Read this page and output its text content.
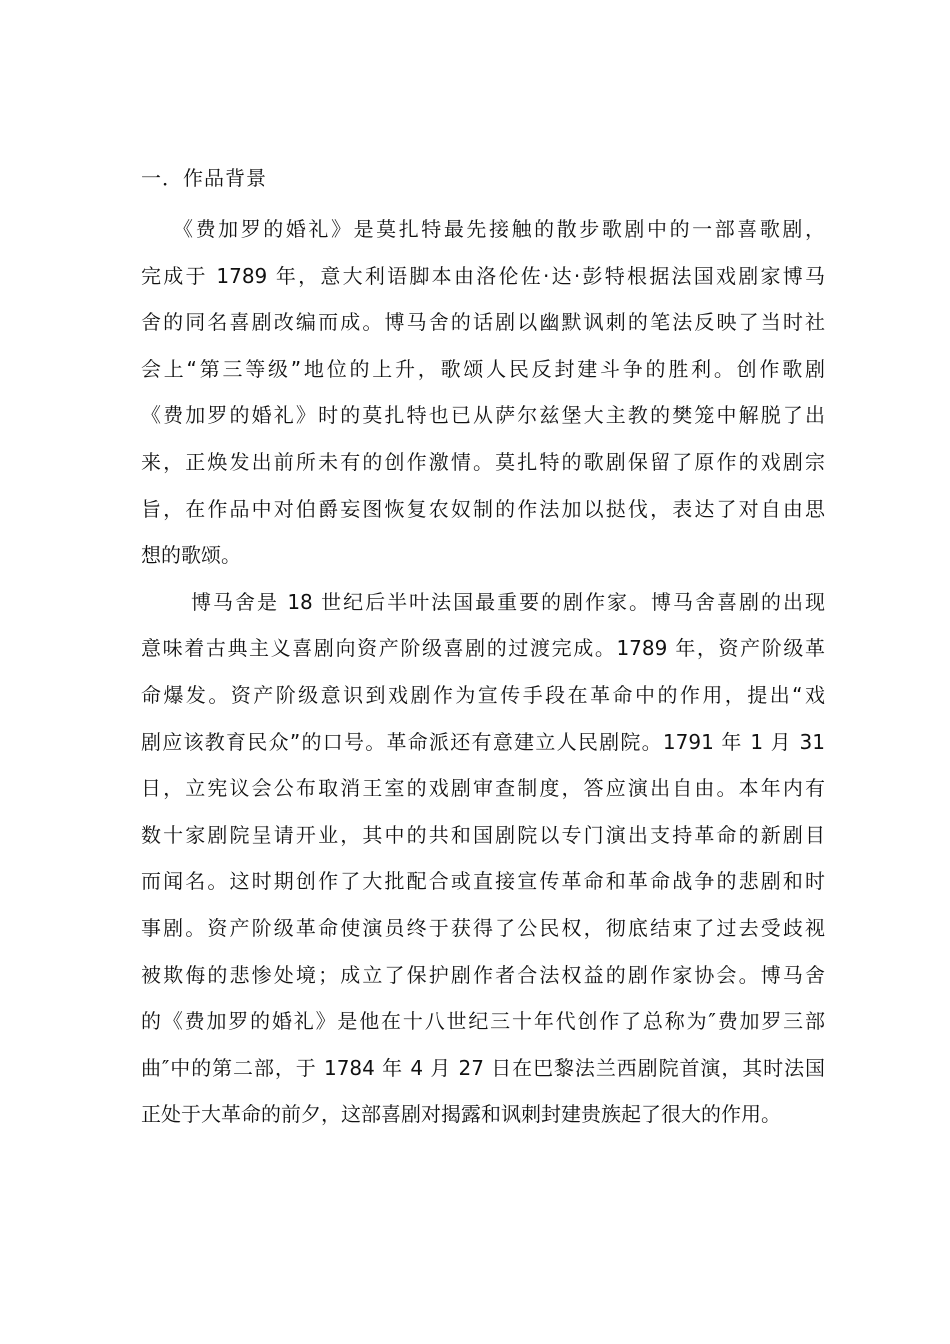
一．作品背景
《费加罗的婚礼》是莫扎特最先接触的散步歌剧中的一部喜歌剧，
完成于 1789 年，意大利语脚本由洛伦佐·达·彭特根据法国戏剧家博马
舍的同名喜剧改编而成。博马舍的话剧以幽默讽刺的笔法反映了当时社
会上“第三等级”地位的上升，歌颂人民反封建斗争的胜利。创作歌剧
《费加罗的婚礼》时的莫扎特也已从萨尔兹堡大主教的樊笼中解脱了出
来，正焕发出前所未有的创作激情。莫扎特的歌剧保留了原作的戏剧宗
旨，在作品中对伯爵妄图恢复农奴制的作法加以挞伐，表达了对自由思
想的歌颂。
博马舍是 18 世纪后半叶法国最重要的剧作家。博马舍喜剧的出现
意味着古典主义喜剧向资产阶级喜剧的过渡完成。1789 年，资产阶级革
命爆发。资产阶级意识到戏剧作为宣传手段在革命中的作用，提出“戏
剧应该教育民众”的口号。革命派还有意建立人民剧院。1791 年 1 月 31
日，立宪议会公布取消王室的戏剧审查制度，答应演出自由。本年内有
数十家剧院呈请开业，其中的共和国剧院以专门演出支持革命的新剧目
而闻名。这时期创作了大批配合或直接宣传革命和革命战争的悲剧和时
事剧。资产阶级革命使演员终于获得了公民权，彻底结束了过去受歧视
被欺侮的悲惨处境；成立了保护剧作者合法权益的剧作家协会。博马舍
的《费加罗的婚礼》是他在十八世纪三十年代创作了总称为″费加罗三部
曲″中的第二部，于 1784 年 4 月 27 日在巴黎法兰西剧院首演，其时法国
正处于大革命的前夕，这部喜剧对揭露和讽刺封建贵族起了很大的作用。
